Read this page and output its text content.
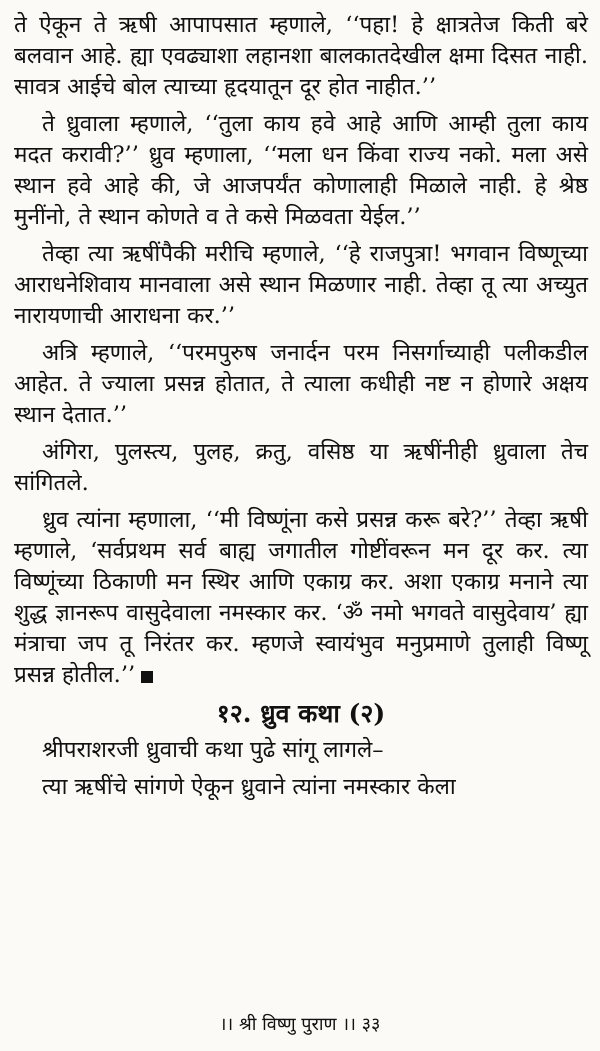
ते ऐकून ते ऋषी आपापसात म्हणाले, ‘‘पहा! हे क्षात्रतेज किती बरे बलवान आहे. ह्या एवढ्याशा लहानशा बालकातदेखील क्षमा दिसत नाही. सावत्र आईचे बोल त्याच्या हृदयातून दूर होत नाहीत.’’

ते ध्रुवाला म्हणाले, ‘‘तुला काय हवे आहे आणि आम्ही तुला काय मदत करावी?’’ ध्रुव म्हणाला, ‘‘मला धन किंवा राज्य नको. मला असे स्थान हवे आहे की, जे आजपर्यंत कोणालाही मिळाले नाही. हे श्रेष्ठ मुनींनो, ते स्थान कोणते व ते कसे मिळवता येईल.’’

तेव्हा त्या ऋषींपैकी मरीचि म्हणाले, ‘‘हे राजपुत्रा! भगवान विष्णूच्या आराधनेशिवाय मानवाला असे स्थान मिळणार नाही. तेव्हा तू त्या अच्युत नारायणाची आराधना कर.’’

अत्रि म्हणाले, ‘‘परमपुरुष जनार्दन परम निसर्गाच्याही पलीकडील आहेत. ते ज्याला प्रसन्न होतात, ते त्याला कधीही नष्ट न होणारे अक्षय स्थान देतात.’’

अंगिरा, पुलस्त्य, पुलह, क्रतु, वसिष्ठ या ऋषींनीही ध्रुवाला तेच सांगितले.

ध्रुव त्यांना म्हणाला, ‘‘मी विष्णूंना कसे प्रसन्न करू बरे?’’ तेव्हा ऋषी म्हणाले, ‘सर्वप्रथम सर्व बाह्य जगातील गोष्टींवरून मन दूर कर. त्या विष्णूंच्या ठिकाणी मन स्थिर आणि एकाग्र कर. अशा एकाग्र मनाने त्या शुद्ध ज्ञानरूप वासुदेवाला नमस्कार कर. ‘ॐ नमो भगवते वासुदेवाय’ ह्या मंत्राचा जप तू निरंतर कर. म्हणजे स्वायंभुव मनुप्रमाणे तुलाही विष्णू प्रसन्न होतील.’’

१२. ध्रुव कथा (२)

श्रीपराशरजी ध्रुवाची कथा पुढे सांगू लागले–

त्या ऋषींचे सांगणे ऐकून ध्रुवाने त्यांना नमस्कार केला

।। श्री विष्णु पुराण ।। ३३
